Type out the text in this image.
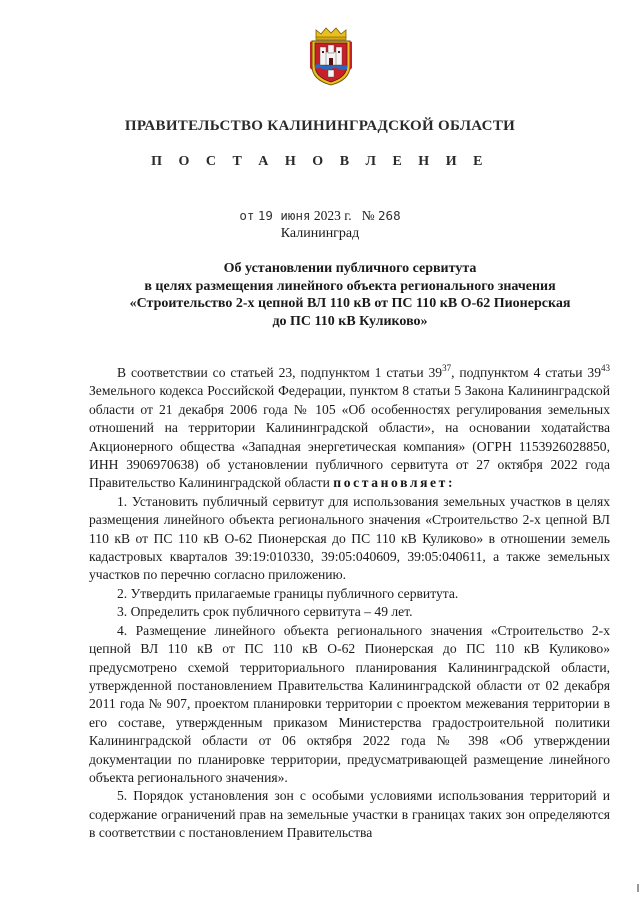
ПРАВИТЕЛЬСТВО КАЛИНИНГРАДСКОЙ ОБЛАСТИ
П О С Т А Н О В Л Е Н И Е
от 19 июня 2023 г. № 268
Калининград
Об установлении публичного сервитута
в целях размещения линейного объекта регионального значения
«Строительство 2-х цепной ВЛ 110 кВ от ПС 110 кВ О-62 Пионерская
до ПС 110 кВ Куликово»

В соответствии со статьей 23, подпунктом 1 статьи $39^{37}$, подпунктом 4 статьи $39^{43}$ Земельного кодекса Российской Федерации, пунктом 8 статьи 5 Закона Калининградской области от 21 декабря 2006 года № 105 «Об особенностях регулирования земельных отношений на территории Калининградской области», на основании ходатайства Акционерного общества «Западная энергетическая компания» (ОГРН 1153926028850, ИНН 3906970638) об установлении публичного сервитута от 27 октября 2022 года Правительство Калининградской области постановляет:

1. Установить публичный сервитут для использования земельных участков в целях размещения линейного объекта регионального значения «Строительство 2-х цепной ВЛ 110 кВ от ПС 110 кВ О-62 Пионерская до ПС 110 кВ Куликово» в отношении земель кадастровых кварталов 39:19:010330, 39:05:040609, 39:05:040611, а также земельных участков по перечню согласно приложению.

2. Утвердить прилагаемые границы публичного сервитута.

3. Определить срок публичного сервитута – 49 лет.

4. Размещение линейного объекта регионального значения «Строительство 2-х цепной ВЛ 110 кВ от ПС 110 кВ О-62 Пионерская до ПС 110 кВ Куликово» предусмотрено схемой территориального планирования Калининградской области, утвержденной постановлением Правительства Калининградской области от 02 декабря 2011 года № 907, проектом планировки территории с проектом межевания территории в его составе, утвержденным приказом Министерства градостроительной политики Калининградской области от 06 октября 2022 года № 398 «Об утверждении документации по планировке территории, предусматривающей размещение линейного объекта регионального значения».

5. Порядок установления зон с особыми условиями использования территорий и содержание ограничений прав на земельные участки в границах таких зон определяются в соответствии с постановлением Правительства
